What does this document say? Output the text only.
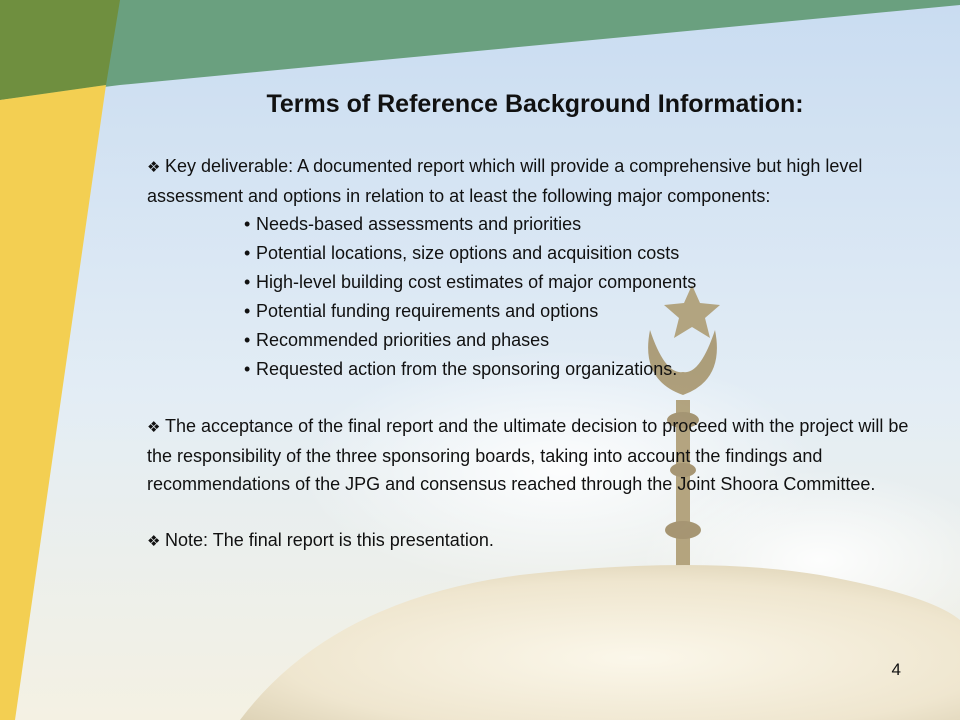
Terms of Reference Background Information:

❖ Key deliverable: A documented report which will provide a comprehensive but high level assessment and options in relation to at least the following major components:

• Needs-based assessments and priorities
• Potential locations, size options and acquisition costs
• High-level building cost estimates of major components
• Potential funding requirements and options
• Recommended priorities and phases
• Requested action from the sponsoring organizations.

❖ The acceptance of the final report and the ultimate decision to proceed with the project will be the responsibility of the three sponsoring boards, taking into account the findings and recommendations of the JPG and consensus reached through the Joint Shoora Committee.

❖ Note: The final report is this presentation.

4
